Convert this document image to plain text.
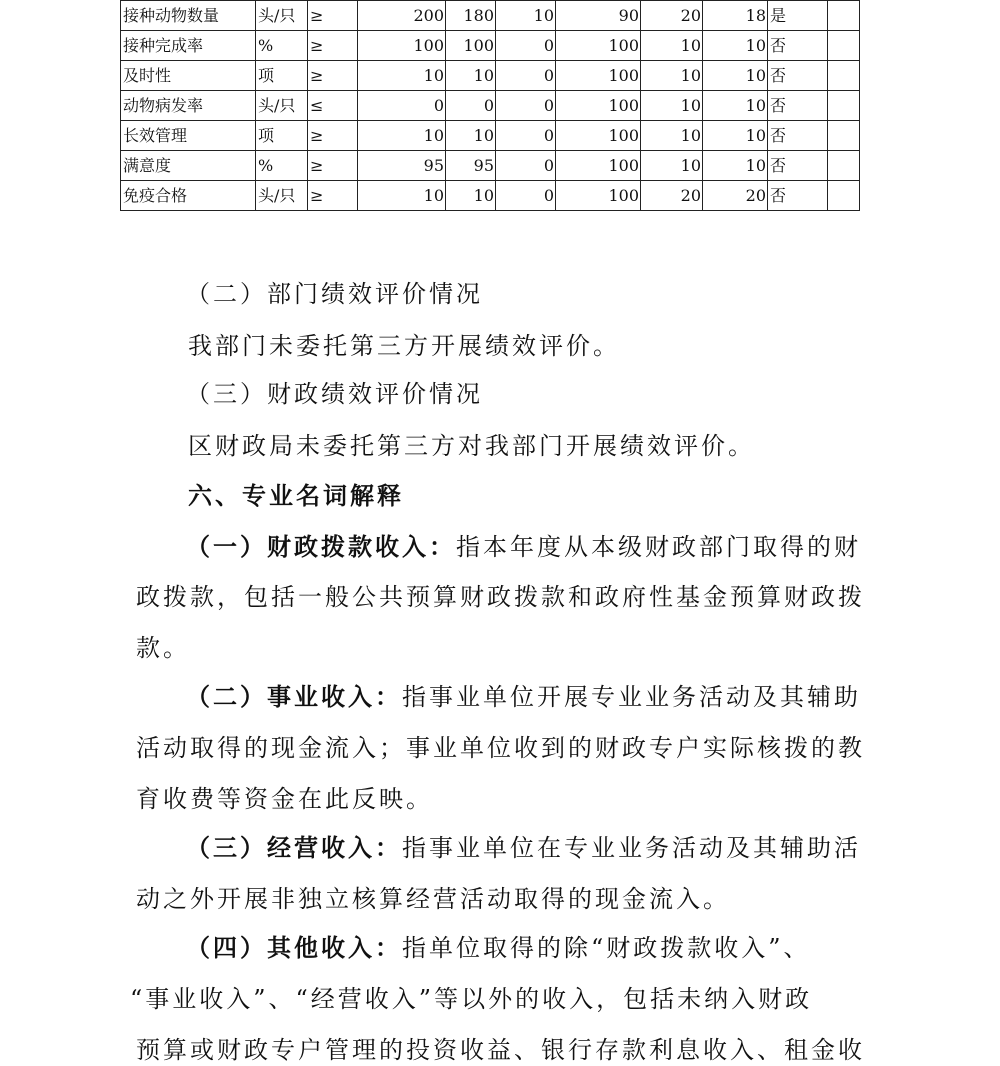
接种动物数量	头/只	≥	200	180	10	90	20	18	是	
接种完成率	%	≥	100	100	0	100	10	10	否	
及时性	项	≥	10	10	0	100	10	10	否	
动物病发率	头/只	≤	0	0	0	100	10	10	否	
长效管理	项	≥	10	10	0	100	10	10	否	
满意度	%	≥	95	95	0	100	10	10	否	
免疫合格	头/只	≥	10	10	0	100	20	20	否	
（二）部门绩效评价情况
我部门未委托第三方开展绩效评价。
（三）财政绩效评价情况
区财政局未委托第三方对我部门开展绩效评价。
六、专业名词解释
（一）财政拨款收入：指本年度从本级财政部门取得的财
政拨款，包括一般公共预算财政拨款和政府性基金预算财政拨
款。
（二）事业收入：指事业单位开展专业业务活动及其辅助
活动取得的现金流入；事业单位收到的财政专户实际核拨的教
育收费等资金在此反映。
（三）经营收入：指事业单位在专业业务活动及其辅助活
动之外开展非独立核算经营活动取得的现金流入。
（四）其他收入：指单位取得的除“财政拨款收入”、
“事业收入”、“经营收入”等以外的收入，包括未纳入财政
预算或财政专户管理的投资收益、银行存款利息收入、租金收
